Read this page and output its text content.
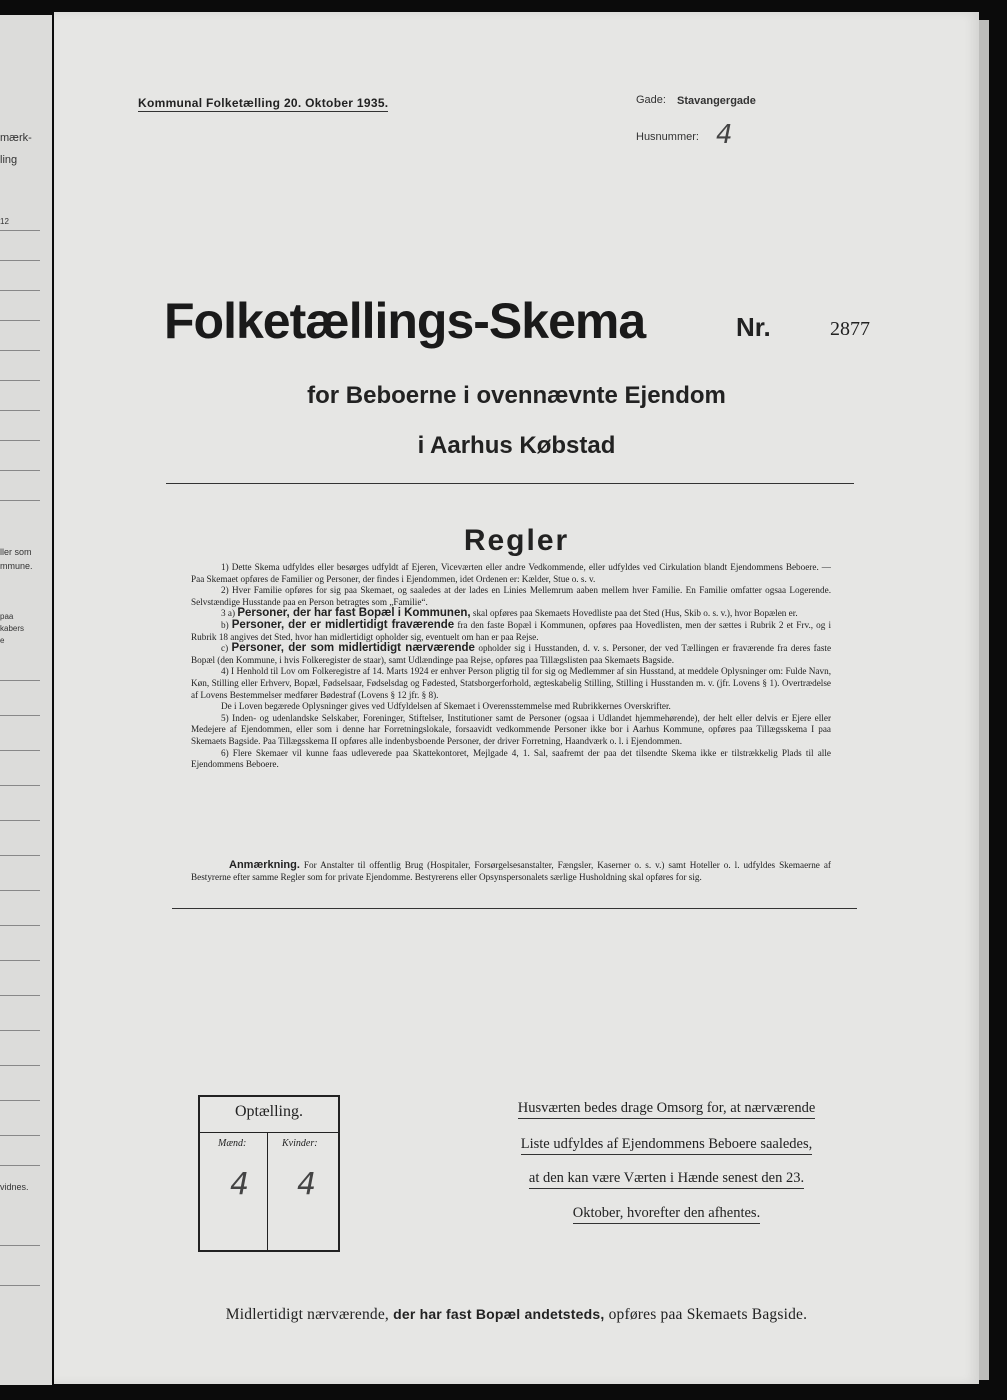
mærk-
ling
12
ller som
mmune.
paa
kabers
e
vidnes.
Kommunal Folketælling 20. Oktober 1935.	Gade: Stavangergade
Husnummer: 4
Folketællings-Skema	Nr.	2877
for Beboerne i ovennævnte Ejendom
i Aarhus Købstad
Regler

1) Dette Skema udfyldes eller besørges udfyldt af Ejeren, Viceværten eller andre Vedkommende, eller udfyldes ved Cirkulation blandt Ejendommens Beboere. — Paa Skemaet opføres de Familier og Personer, der findes i Ejendommen, idet Ordenen er: Kælder, Stue o. s. v.

2) Hver Familie opføres for sig paa Skemaet, og saaledes at der lades en Linies Mellemrum aaben mellem hver Familie. En Familie omfatter ogsaa Logerende. Selvstændige Husstande paa en Person betragtes som „Familie“.

3 a) Personer, der har fast Bopæl i Kommunen, skal opføres paa Skemaets Hovedliste paa det Sted (Hus, Skib o. s. v.), hvor Bopælen er.

b) Personer, der er midlertidigt fraværende fra den faste Bopæl i Kommunen, opføres paa Hovedlisten, men der sættes i Rubrik 2 et Frv., og i Rubrik 18 angives det Sted, hvor han midlertidigt opholder sig, eventuelt om han er paa Rejse.

c) Personer, der som midlertidigt nærværende opholder sig i Husstanden, d. v. s. Personer, der ved Tællingen er fraværende fra deres faste Bopæl (den Kommune, i hvis Folkeregister de staar), samt Udlændinge paa Rejse, opføres paa Tillægslisten paa Skemaets Bagside.

4) I Henhold til Lov om Folkeregistre af 14. Marts 1924 er enhver Person pligtig til for sig og Medlemmer af sin Husstand, at meddele Oplysninger om: Fulde Navn, Køn, Stilling eller Erhverv, Bopæl, Fødselsaar, Fødselsdag og Fødested, Statsborgerforhold, ægteskabelig Stilling, Stilling i Husstanden m. v. (jfr. Lovens § 1). Overtrædelse af Lovens Bestemmelser medfører Bødestraf (Lovens § 12 jfr. § 8).

De i Loven begærede Oplysninger gives ved Udfyldelsen af Skemaet i Overensstemmelse med Rubrikkernes Overskrifter.

5) Inden- og udenlandske Selskaber, Foreninger, Stiftelser, Institutioner samt de Personer (ogsaa i Udlandet hjemmehørende), der helt eller delvis er Ejere eller Medejere af Ejendommen, eller som i denne har Forretningslokale, forsaavidt vedkommende Personer ikke bor i Aarhus Kommune, opføres paa Tillægsskema I paa Skemaets Bagside. Paa Tillægsskema II opføres alle indenbysboende Personer, der driver Forretning, Haandværk o. l. i Ejendommen.

6) Flere Skemaer vil kunne faas udleverede paa Skattekontoret, Mejlgade 4, 1. Sal, saafremt der paa det tilsendte Skema ikke er tilstrækkelig Plads til alle Ejendommens Beboere.

Anmærkning. For Anstalter til offentlig Brug (Hospitaler, Forsørgelsesanstalter, Fængsler, Kaserner o. s. v.) samt Hoteller o. l. udfyldes Skemaerne af Bestyrerne efter samme Regler som for private Ejendomme. Bestyrerens eller Opsynspersonalets særlige Husholdning skal opføres for sig.
Optælling.
Mænd:	Kvinder:
4 4
Husværten bedes drage Omsorg for, at nærværende
Liste udfyldes af Ejendommens Beboere saaledes,
at den kan være Værten i Hænde senest den 23.
Oktober, hvorefter den afhentes.
Midlertidigt nærværende, der har fast Bopæl andetsteds, opføres paa Skemaets Bagside.
